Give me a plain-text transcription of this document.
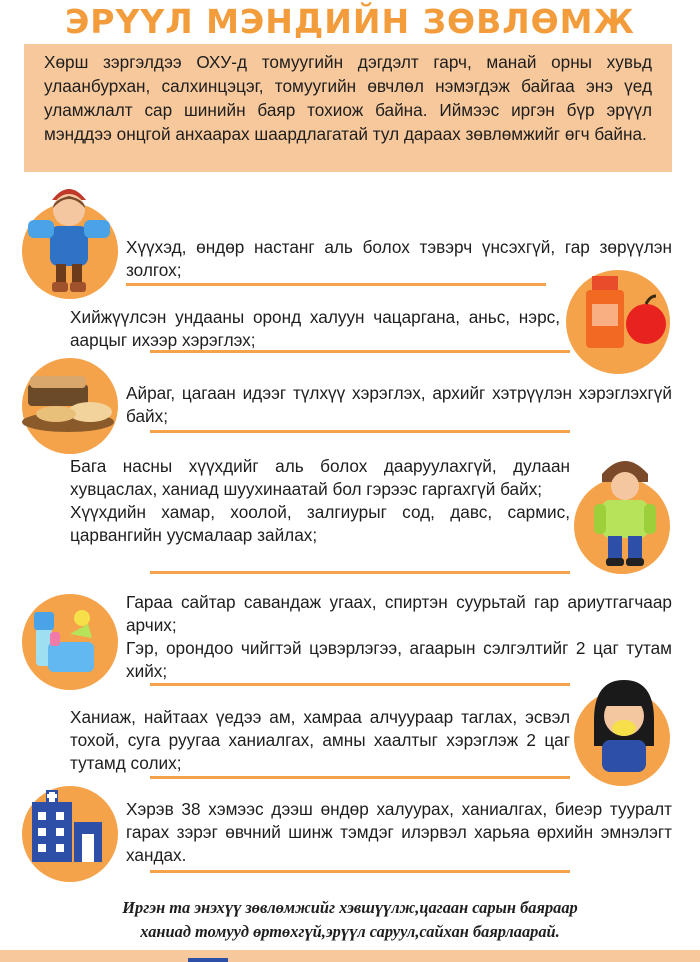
ЭРҮҮЛ МЭНДИЙН ЗӨВЛӨМЖ
Хөрш зэргэлдээ ОХУ-д томуугийн дэгдэлт гарч, манай орны хувьд улаанбурхан, салхинцэцэг, томуугийн өвчлөл нэмэгдэж байгаа энэ үед уламжлалт сар шинийн баяр тохиож байна. Иймээс иргэн бүр эрүүл мэнддээ онцгой анхаарах шаардлагатай тул дараах зөвлөмжийг өгч байна.

Хүүхэд, өндөр настанг аль болох тэвэрч үнсэхгүй, гар зөрүүлэн золгох;

Хийжүүлсэн ундааны оронд халуун чацаргана, аньс, нэрс, аарцыг ихээр хэрэглэх;

Айраг, цагаан идээг түлхүү хэрэглэх, архийг хэтрүүлэн хэрэглэхгүй байх;

Бага насны хүүхдийг аль болох дааруулахгүй, дулаан хувцаслах, ханиад шуухинаатай бол гэрээс гаргахгүй байх;

Хүүхдийн хамар, хоолой, залгиурыг сод, давс, сармис, царвангийн уусмалаар зайлах;

Гараа сайтар савандаж угаах, спиртэн суурьтай гар ариутгагчаар арчих;

Гэр, орондоо чийгтэй цэвэрлэгээ, агаарын сэлгэлтийг 2 цаг тутам хийх;

Ханиаж, найтаах үедээ ам, хамраа алчуураар таглах, эсвэл тохой, суга руугаа ханиалгах, амны хаалтыг хэрэглэж 2 цаг тутамд солих;

Хэрэв 38 хэмээс дээш өндөр халуурах, ханиалгах, биеэр тууралт гарах зэрэг өвчний шинж тэмдэг илэрвэл харьяа өрхийн эмнэлэгт хандах.

Иргэн та энэхүү зөвлөмжийг хэвшүүлж,цагаан сарын баяраар
ханиад томууд өртөхгүй,эрүүл саруул,сайхан баярлаарай.
